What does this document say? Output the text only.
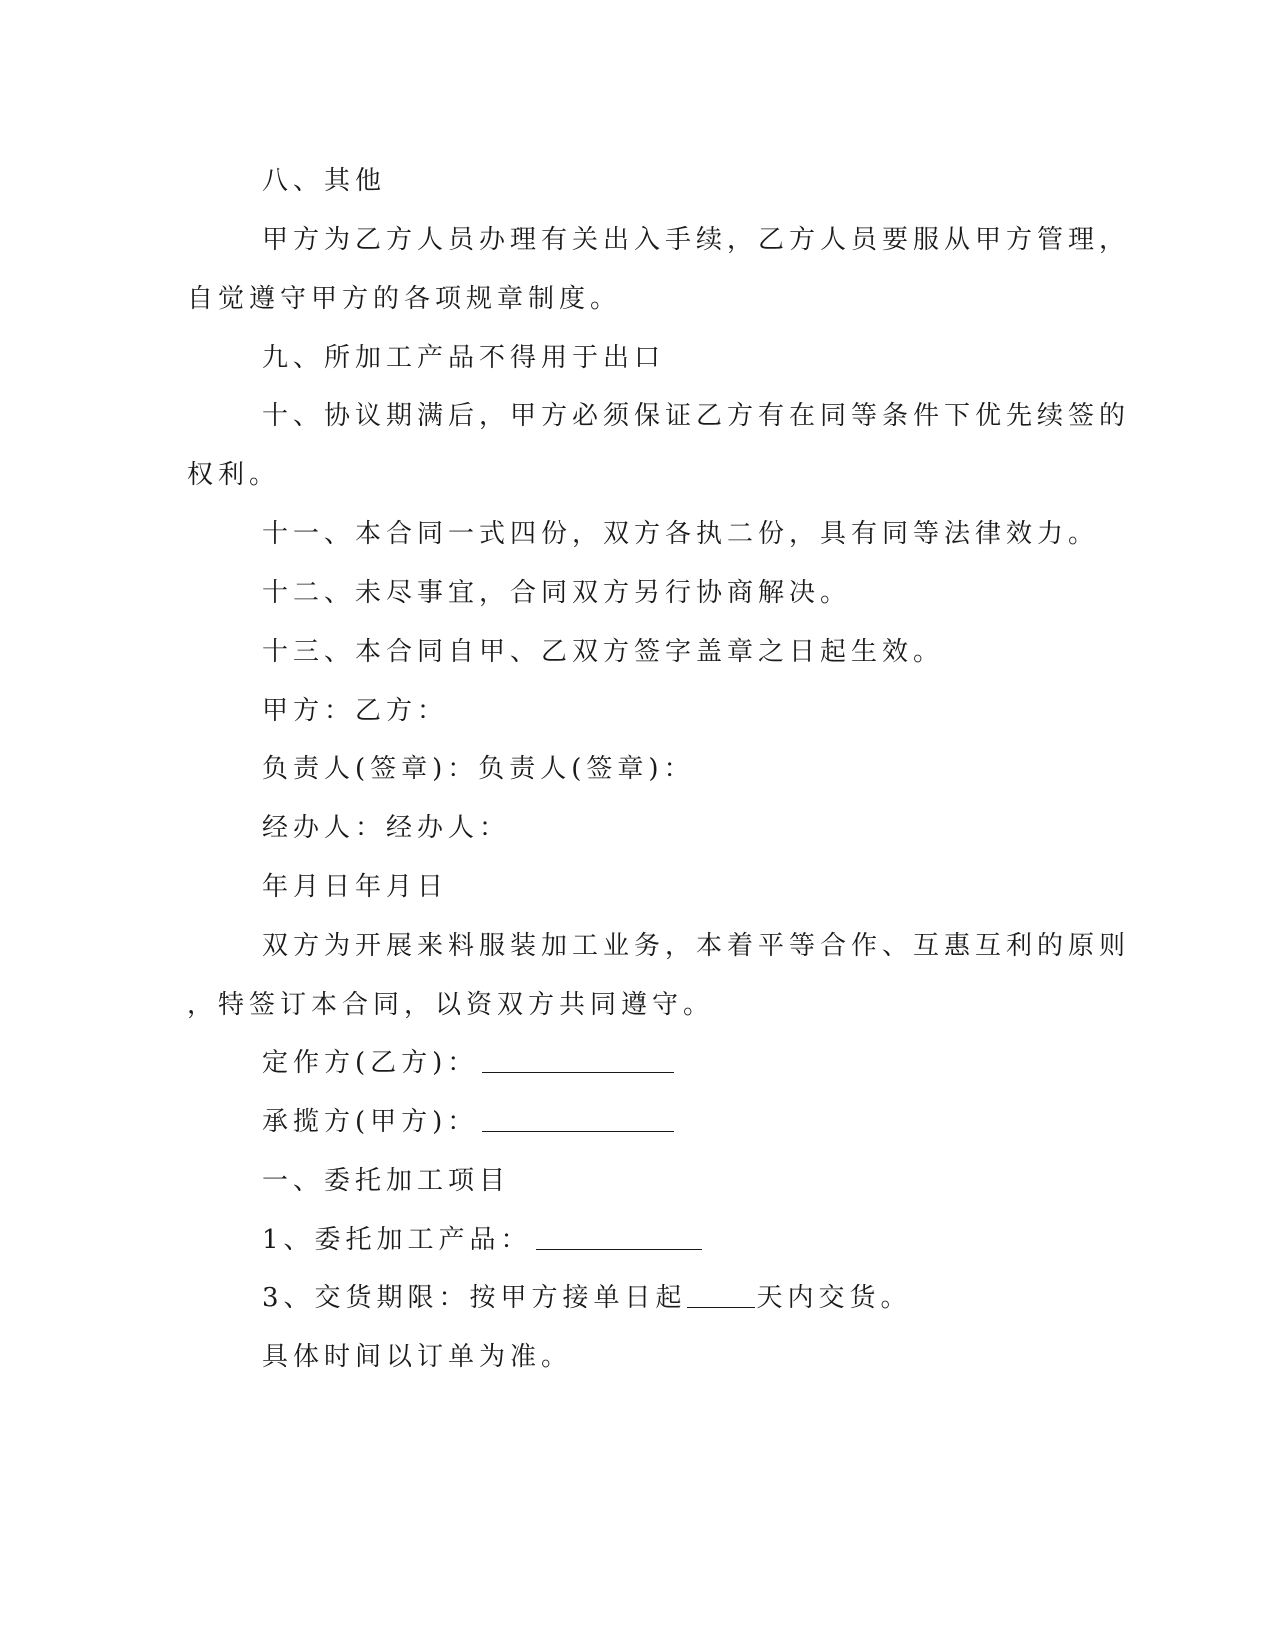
八、其他
甲方为乙方人员办理有关出入手续，乙方人员要服从甲方管理，
自觉遵守甲方的各项规章制度。
九、所加工产品不得用于出口
十、协议期满后，甲方必须保证乙方有在同等条件下优先续签的
权利。
十一、本合同一式四份，双方各执二份，具有同等法律效力。
十二、未尽事宜，合同双方另行协商解决。
十三、本合同自甲、乙双方签字盖章之日起生效。
甲方：乙方：
负责人(签章)：负责人(签章)：
经办人：经办人：
年月日年月日
双方为开展来料服装加工业务，本着平等合作、互惠互利的原则
，特签订本合同，以资双方共同遵守。
定作方(乙方)：
承揽方(甲方)：
一、委托加工项目
1、委托加工产品：
3、交货期限：按甲方接单日起	天内交货。
具体时间以订单为准。
